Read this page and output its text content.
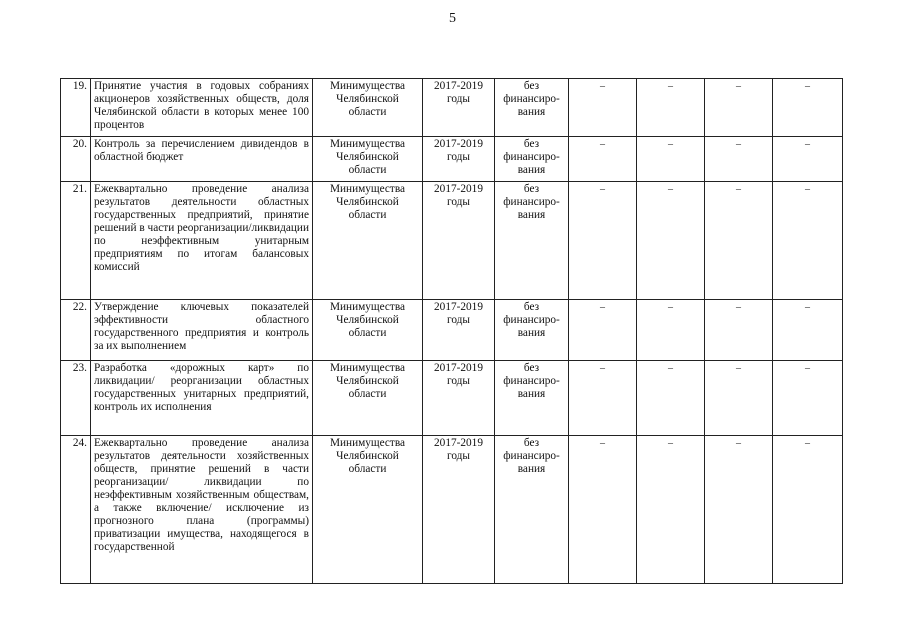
5
19.	Принятие участия в годовых собраниях акционеров хозяйственных обществ, доля Челябинской области в которых менее 100 процентов	Минимущества Челябинской области	2017-2019 годы	без финансиро-вания	–	–	–	–
20.	Контроль за перечислением дивидендов в областной бюджет	Минимущества Челябинской области	2017-2019 годы	без финансиро-вания	–	–	–	–
21.	Ежеквартально проведение анализа результатов деятельности областных государственных предприятий, принятие решений в части реорганизации/ликвидации по неэффективным унитарным предприятиям по итогам балансовых комиссий	Минимущества Челябинской области	2017-2019 годы	без финансиро-вания	–	–	–	–
22.	Утверждение ключевых показателей эффективности областного государственного предприятия и контроль за их выполнением	Минимущества Челябинской области	2017-2019 годы	без финансиро-вания	–	–	–	–
23.	Разработка «дорожных карт» по ликвидации/ реорганизации областных государственных унитарных предприятий, контроль их исполнения	Минимущества Челябинской области	2017-2019 годы	без финансиро-вания	–	–	–	–
24.	Ежеквартально проведение анализа результатов деятельности хозяйственных обществ, принятие решений в части реорганизации/ ликвидации по неэффективным хозяйственным обществам, а также включение/ исключение из прогнозного плана (программы) приватизации имущества, находящегося в государственной	Минимущества Челябинской области	2017-2019 годы	без финансиро-вания	–	–	–	–
